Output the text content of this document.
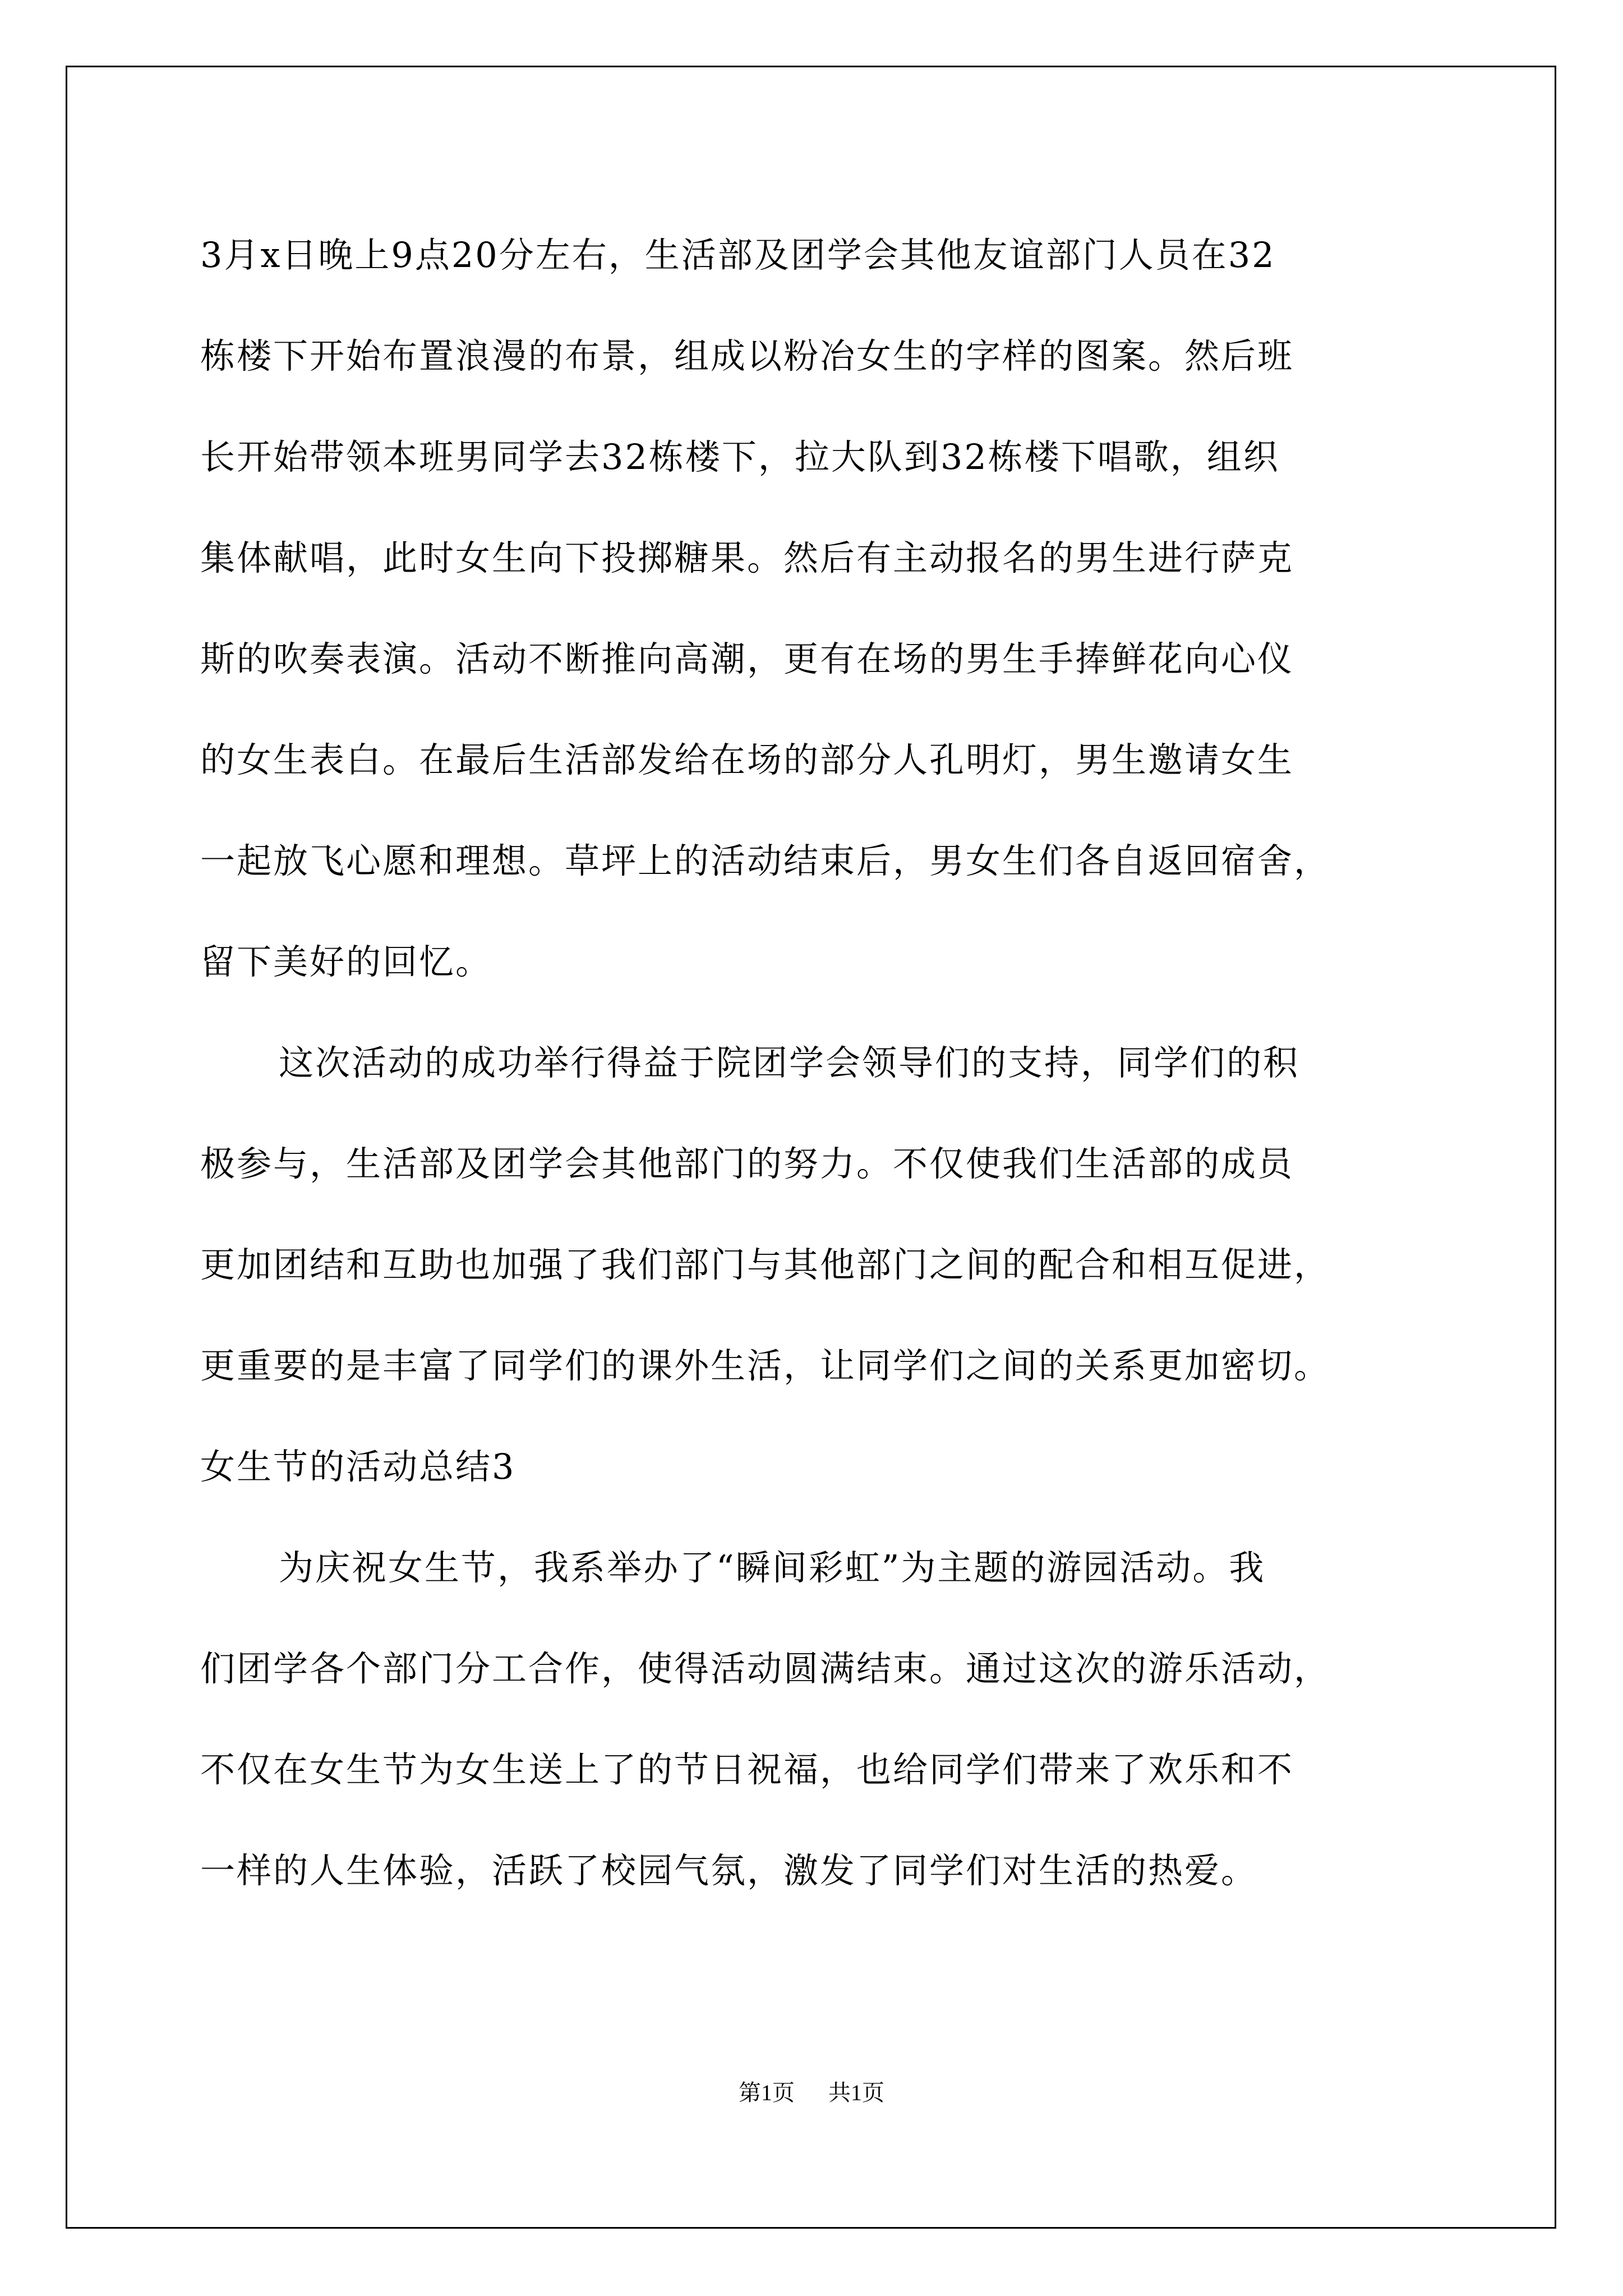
3月x日晚上9点20分左右，生活部及团学会其他友谊部门人员在32
栋楼下开始布置浪漫的布景，组成以粉冶女生的字样的图案。然后班
长开始带领本班男同学去32栋楼下，拉大队到32栋楼下唱歌，组织
集体献唱，此时女生向下投掷糖果。然后有主动报名的男生进行萨克
斯的吹奏表演。活动不断推向高潮，更有在场的男生手捧鲜花向心仪
的女生表白。在最后生活部发给在场的部分人孔明灯，男生邀请女生
一起放飞心愿和理想。草坪上的活动结束后，男女生们各自返回宿舍，
留下美好的回忆。
这次活动的成功举行得益于院团学会领导们的支持，同学们的积
极参与，生活部及团学会其他部门的努力。不仅使我们生活部的成员
更加团结和互助也加强了我们部门与其他部门之间的配合和相互促进，
更重要的是丰富了同学们的课外生活，让同学们之间的关系更加密切。
女生节的活动总结3
为庆祝女生节，我系举办了“瞬间彩虹”为主题的游园活动。我
们团学各个部门分工合作，使得活动圆满结束。通过这次的游乐活动，
不仅在女生节为女生送上了的节日祝福，也给同学们带来了欢乐和不
一样的人生体验，活跃了校园气氛，激发了同学们对生活的热爱。
第1页 共1页
